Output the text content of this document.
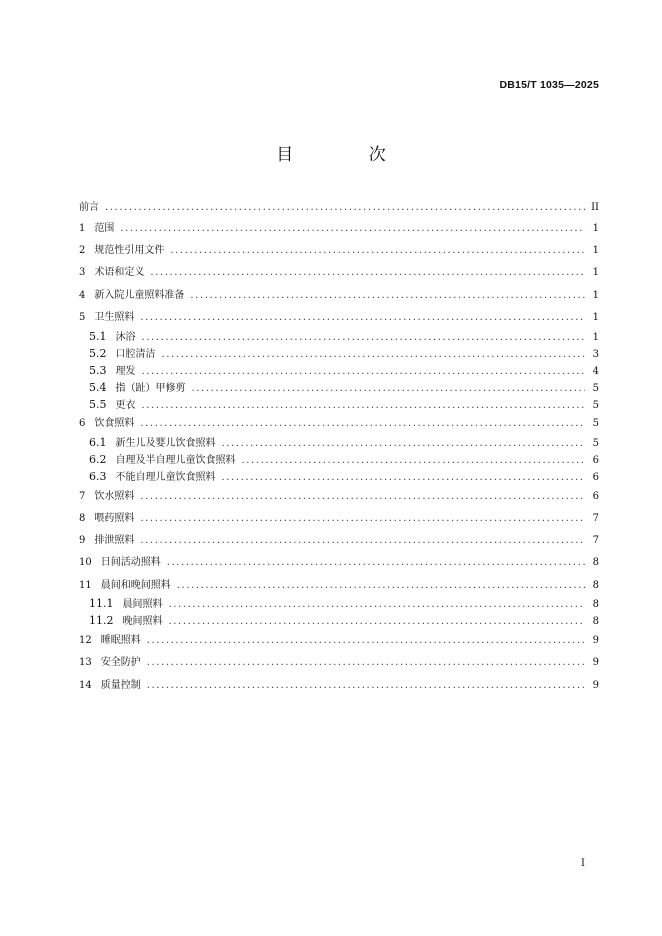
DB15/T 1035—2025
目 次
前言 .....	II
1 范围 .....	1
2 规范性引用文件 .....	1
3 术语和定义 .....	1
4 新入院儿童照料准备 .....	1
5 卫生照料 .....	1
5.1 沐浴 .....	1
5.2 口腔清洁 .....	3
5.3 理发 .....	4
5.4 指（趾）甲修剪 .....	5
5.5 更衣 .....	5
6 饮食照料 .....	5
6.1 新生儿及婴儿饮食照料 .....	5
6.2 自理及半自理儿童饮食照料 .....	6
6.3 不能自理儿童饮食照料 .....	6
7 饮水照料 .....	6
8 喂药照料 .....	7
9 排泄照料 .....	7
10 日间活动照料 .....	8
11 晨间和晚间照料 .....	8
11.1 晨间照料 .....	8
11.2 晚间照料 .....	8
12 睡眠照料 .....	9
13 安全防护 .....	9
14 质量控制 .....	9
I
